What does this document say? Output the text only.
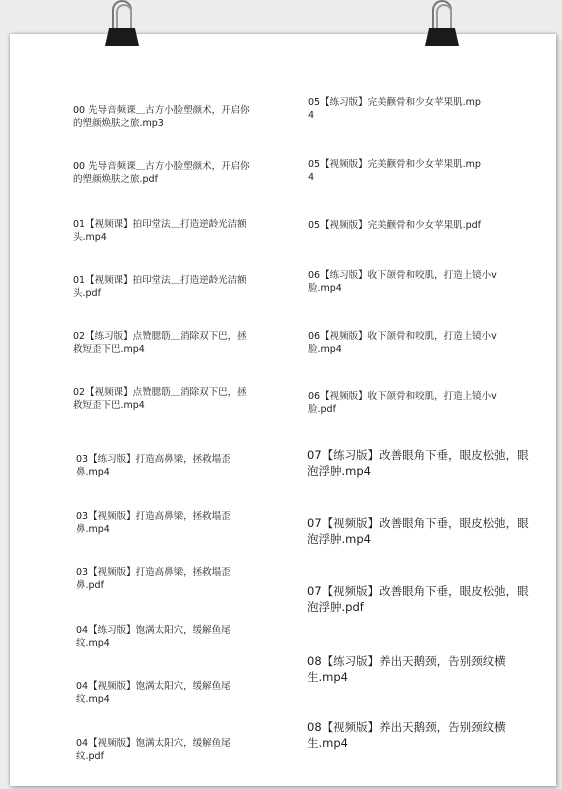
00 先导音频课＿古方小脸塑颜术，开启你的塑颜焕肤之旅.mp3
00 先导音频课＿古方小脸塑颜术，开启你的塑颜焕肤之旅.pdf
01【视频课】拍印堂法＿打造逆龄光洁额头.mp4
01【视频课】拍印堂法＿打造逆龄光洁额头.pdf
02【练习版】点赞腮筋＿消除双下巴，拯救短歪下巴.mp4
02【视频课】点赞腮筋＿消除双下巴，拯救短歪下巴.mp4
03【练习版】打造高鼻梁，拯救塌歪鼻.mp4
03【视频版】打造高鼻梁，拯救塌歪鼻.mp4
03【视频版】打造高鼻梁，拯救塌歪鼻.pdf
04【练习版】饱满太阳穴，缓解鱼尾纹.mp4
04【视频版】饱满太阳穴，缓解鱼尾纹.mp4
04【视频版】饱满太阳穴，缓解鱼尾纹.pdf
05【练习版】完美颧骨和少女苹果肌.mp4
05【视频版】完美颧骨和少女苹果肌.mp4
05【视频版】完美颧骨和少女苹果肌.pdf
06【练习版】收下颌骨和咬肌，打造上镜小v脸.mp4
06【视频版】收下颌骨和咬肌，打造上镜小v脸.mp4
06【视频版】收下颌骨和咬肌，打造上镜小v脸.pdf
07【练习版】改善眼角下垂，眼皮松弛，眼泡浮肿.mp4
07【视频版】改善眼角下垂，眼皮松弛，眼泡浮肿.mp4
07【视频版】改善眼角下垂，眼皮松弛，眼泡浮肿.pdf
08【练习版】养出天鹅颈，告别颈纹横生.mp4
08【视频版】养出天鹅颈，告别颈纹横生.mp4
